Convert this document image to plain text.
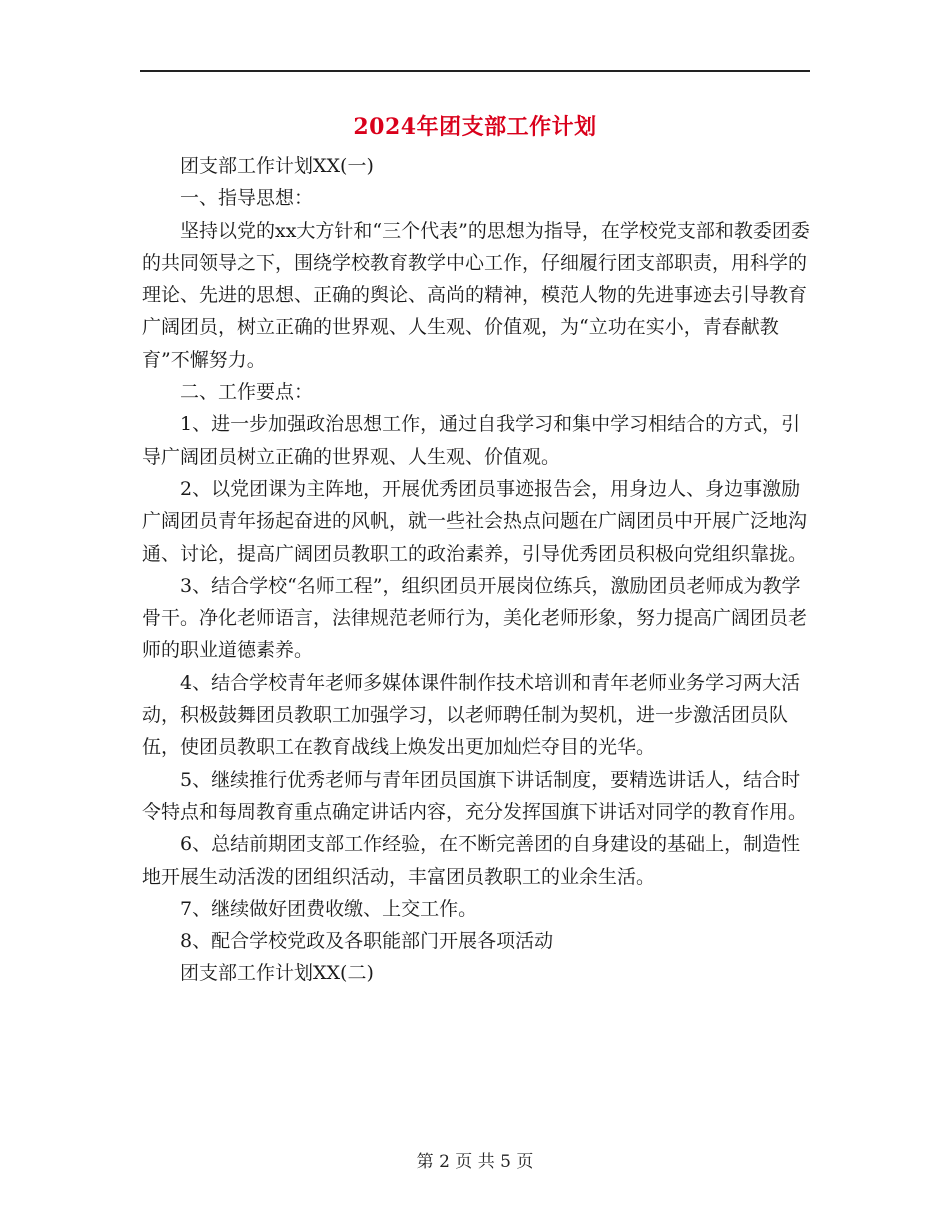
2024年团支部工作计划

团支部工作计划XX(一)

一、指导思想：

坚持以党的xx大方针和“三个代表”的思想为指导，在学校党支部和教委团委的共同领导之下，围绕学校教育教学中心工作，仔细履行团支部职责，用科学的理论、先进的思想、正确的舆论、高尚的精神，模范人物的先进事迹去引导教育广阔团员，树立正确的世界观、人生观、价值观，为“立功在实小，青春献教育”不懈努力。

二、工作要点：

1、进一步加强政治思想工作，通过自我学习和集中学习相结合的方式，引导广阔团员树立正确的世界观、人生观、价值观。

2、以党团课为主阵地，开展优秀团员事迹报告会，用身边人、身边事激励广阔团员青年扬起奋进的风帆，就一些社会热点问题在广阔团员中开展广泛地沟通、讨论，提高广阔团员教职工的政治素养，引导优秀团员积极向党组织靠拢。

3、结合学校“名师工程”，组织团员开展岗位练兵，激励团员老师成为教学骨干。净化老师语言，法律规范老师行为，美化老师形象，努力提高广阔团员老师的职业道德素养。

4、结合学校青年老师多媒体课件制作技术培训和青年老师业务学习两大活动，积极鼓舞团员教职工加强学习，以老师聘任制为契机，进一步激活团员队伍，使团员教职工在教育战线上焕发出更加灿烂夺目的光华。

5、继续推行优秀老师与青年团员国旗下讲话制度，要精选讲话人，结合时令特点和每周教育重点确定讲话内容，充分发挥国旗下讲话对同学的教育作用。

6、总结前期团支部工作经验，在不断完善团的自身建设的基础上，制造性地开展生动活泼的团组织活动，丰富团员教职工的业余生活。

7、继续做好团费收缴、上交工作。

8、配合学校党政及各职能部门开展各项活动

团支部工作计划XX(二)

第 2 页 共 5 页
